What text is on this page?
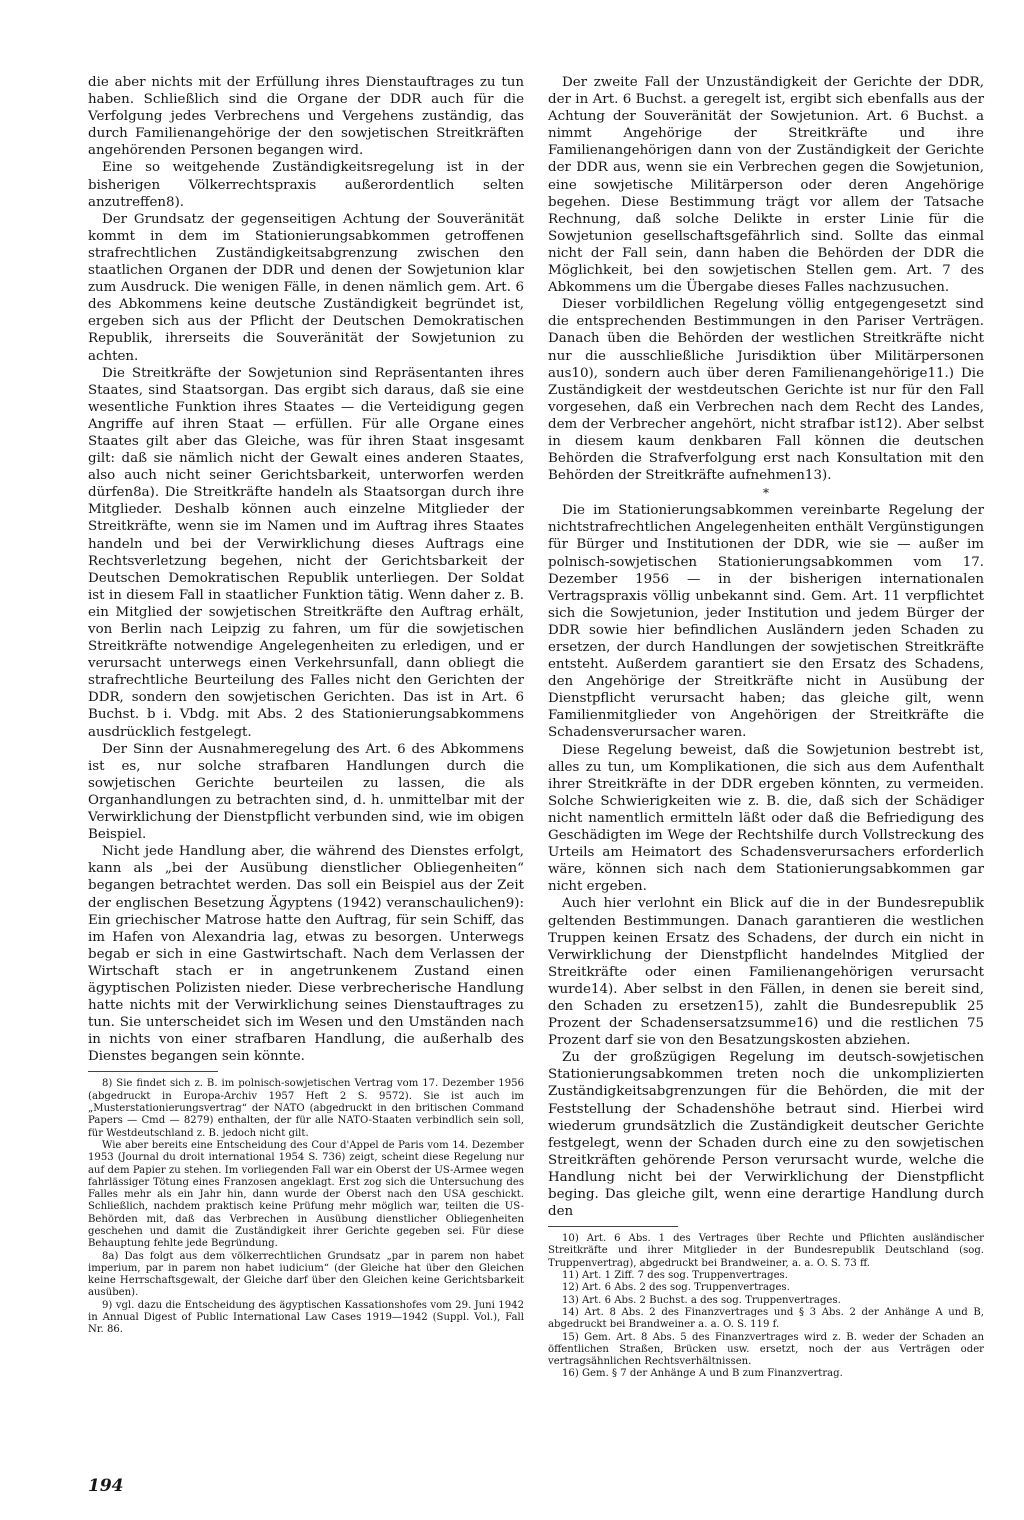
die aber nichts mit der Erfüllung ihres Dienstauftrages zu tun haben. Schließlich sind die Organe der DDR auch für die Verfolgung jedes Verbrechens und Vergehens zuständig, das durch Familienangehörige der den sowjetischen Streitkräften angehörenden Personen begangen wird.

Eine so weitgehende Zuständigkeitsregelung ist in der bisherigen Völkerrechtspraxis außerordentlich selten anzutreffen8).

Der Grundsatz der gegenseitigen Achtung der Souveränität kommt in dem im Stationierungsabkommen getroffenen strafrechtlichen Zuständigkeitsabgrenzung zwischen den staatlichen Organen der DDR und denen der Sowjetunion klar zum Ausdruck. Die wenigen Fälle, in denen nämlich gem. Art. 6 des Abkommens keine deutsche Zuständigkeit begründet ist, ergeben sich aus der Pflicht der Deutschen Demokratischen Republik, ihrerseits die Souveränität der Sowjetunion zu achten.

Die Streitkräfte der Sowjetunion sind Repräsentanten ihres Staates, sind Staatsorgan. Das ergibt sich daraus, daß sie eine wesentliche Funktion ihres Staates — die Verteidigung gegen Angriffe auf ihren Staat — erfüllen. Für alle Organe eines Staates gilt aber das Gleiche, was für ihren Staat insgesamt gilt: daß sie nämlich nicht der Gewalt eines anderen Staates, also auch nicht seiner Gerichtsbarkeit, unterworfen werden dürfen8a). Die Streitkräfte handeln als Staatsorgan durch ihre Mitglieder. Deshalb können auch einzelne Mitglieder der Streitkräfte, wenn sie im Namen und im Auftrag ihres Staates handeln und bei der Verwirklichung dieses Auftrags eine Rechtsverletzung begehen, nicht der Gerichtsbarkeit der Deutschen Demokratischen Republik unterliegen. Der Soldat ist in diesem Fall in staatlicher Funktion tätig. Wenn daher z. B. ein Mitglied der sowjetischen Streitkräfte den Auftrag erhält, von Berlin nach Leipzig zu fahren, um für die sowjetischen Streitkräfte notwendige Angelegenheiten zu erledigen, und er verursacht unterwegs einen Verkehrsunfall, dann obliegt die strafrechtliche Beurteilung des Falles nicht den Gerichten der DDR, sondern den sowjetischen Gerichten. Das ist in Art. 6 Buchst. b i. Vbdg. mit Abs. 2 des Stationierungsabkommens ausdrücklich festgelegt.

Der Sinn der Ausnahmeregelung des Art. 6 des Abkommens ist es, nur solche strafbaren Handlungen durch die sowjetischen Gerichte beurteilen zu lassen, die als Organhandlungen zu betrachten sind, d. h. unmittelbar mit der Verwirklichung der Dienstpflicht verbunden sind, wie im obigen Beispiel.

Nicht jede Handlung aber, die während des Dienstes erfolgt, kann als „bei der Ausübung dienstlicher Obliegenheiten“ begangen betrachtet werden. Das soll ein Beispiel aus der Zeit der englischen Besetzung Ägyptens (1942) veranschaulichen9): Ein griechischer Matrose hatte den Auftrag, für sein Schiff, das im Hafen von Alexandria lag, etwas zu besorgen. Unterwegs begab er sich in eine Gastwirtschaft. Nach dem Verlassen der Wirtschaft stach er in angetrunkenem Zustand einen ägyptischen Polizisten nieder. Diese verbrecherische Handlung hatte nichts mit der Verwirklichung seines Dienstauftrages zu tun. Sie unterscheidet sich im Wesen und den Umständen nach in nichts von einer strafbaren Handlung, die außerhalb des Dienstes begangen sein könnte.

8) Sie findet sich z. B. im polnisch-sowjetischen Vertrag vom 17. Dezember 1956 (abgedruckt in Europa-Archiv 1957 Heft 2 S. 9572). Sie ist auch im „Musterstationierungsvertrag“ der NATO (abgedruckt in den britischen Command Papers — Cmd — 8279) enthalten, der für alle NATO-Staaten verbindlich sein soll, für Westdeutschland z. B. jedoch nicht gilt.

Wie aber bereits eine Entscheidung des Cour d'Appel de Paris vom 14. Dezember 1953 (Journal du droit international 1954 S. 736) zeigt, scheint diese Regelung nur auf dem Papier zu stehen. Im vorliegenden Fall war ein Oberst der US-Armee wegen fahrlässiger Tötung eines Franzosen angeklagt. Erst zog sich die Untersuchung des Falles mehr als ein Jahr hin, dann wurde der Oberst nach den USA geschickt. Schließlich, nachdem praktisch keine Prüfung mehr möglich war, teilten die US-Behörden mit, daß das Verbrechen in Ausübung dienstlicher Obliegenheiten geschehen und damit die Zuständigkeit ihrer Gerichte gegeben sei. Für diese Behauptung fehlte jede Begründung.

8a) Das folgt aus dem völkerrechtlichen Grundsatz „par in parem non habet imperium, par in parem non habet iudicium“ (der Gleiche hat über den Gleichen keine Herrschaftsgewalt, der Gleiche darf über den Gleichen keine Gerichtsbarkeit ausüben).

9) vgl. dazu die Entscheidung des ägyptischen Kassationshofes vom 29. Juni 1942 in Annual Digest of Public International Law Cases 1919—1942 (Suppl. Vol.), Fall Nr. 86.

Der zweite Fall der Unzuständigkeit der Gerichte der DDR, der in Art. 6 Buchst. a geregelt ist, ergibt sich ebenfalls aus der Achtung der Souveränität der Sowjetunion. Art. 6 Buchst. a nimmt Angehörige der Streitkräfte und ihre Familienangehörigen dann von der Zuständigkeit der Gerichte der DDR aus, wenn sie ein Verbrechen gegen die Sowjetunion, eine sowjetische Militärperson oder deren Angehörige begehen. Diese Bestimmung trägt vor allem der Tatsache Rechnung, daß solche Delikte in erster Linie für die Sowjetunion gesellschaftsgefährlich sind. Sollte das einmal nicht der Fall sein, dann haben die Behörden der DDR die Möglichkeit, bei den sowjetischen Stellen gem. Art. 7 des Abkommens um die Übergabe dieses Falles nachzusuchen.

Dieser vorbildlichen Regelung völlig entgegengesetzt sind die entsprechenden Bestimmungen in den Pariser Verträgen. Danach üben die Behörden der westlichen Streitkräfte nicht nur die ausschließliche Jurisdiktion über Militärpersonen aus10), sondern auch über deren Familienangehörige11.) Die Zuständigkeit der westdeutschen Gerichte ist nur für den Fall vorgesehen, daß ein Verbrechen nach dem Recht des Landes, dem der Verbrecher angehört, nicht strafbar ist12). Aber selbst in diesem kaum denkbaren Fall können die deutschen Behörden die Strafverfolgung erst nach Konsultation mit den Behörden der Streitkräfte aufnehmen13).

*

Die im Stationierungsabkommen vereinbarte Regelung der nichtstrafrechtlichen Angelegenheiten enthält Vergünstigungen für Bürger und Institutionen der DDR, wie sie — außer im polnisch-sowjetischen Stationierungsabkommen vom 17. Dezember 1956 — in der bisherigen internationalen Vertragspraxis völlig unbekannt sind. Gem. Art. 11 verpflichtet sich die Sowjetunion, jeder Institution und jedem Bürger der DDR sowie hier befindlichen Ausländern jeden Schaden zu ersetzen, der durch Handlungen der sowjetischen Streitkräfte entsteht. Außerdem garantiert sie den Ersatz des Schadens, den Angehörige der Streitkräfte nicht in Ausübung der Dienstpflicht verursacht haben; das gleiche gilt, wenn Familienmitglieder von Angehörigen der Streitkräfte die Schadensverursacher waren.

Diese Regelung beweist, daß die Sowjetunion bestrebt ist, alles zu tun, um Komplikationen, die sich aus dem Aufenthalt ihrer Streitkräfte in der DDR ergeben könnten, zu vermeiden. Solche Schwierigkeiten wie z. B. die, daß sich der Schädiger nicht namentlich ermitteln läßt oder daß die Befriedigung des Geschädigten im Wege der Rechtshilfe durch Vollstreckung des Urteils am Heimatort des Schadensverursachers erforderlich wäre, können sich nach dem Stationierungsabkommen gar nicht ergeben.

Auch hier verlohnt ein Blick auf die in der Bundesrepublik geltenden Bestimmungen. Danach garantieren die westlichen Truppen keinen Ersatz des Schadens, der durch ein nicht in Verwirklichung der Dienstpflicht handelndes Mitglied der Streitkräfte oder einen Familienangehörigen verursacht wurde14). Aber selbst in den Fällen, in denen sie bereit sind, den Schaden zu ersetzen15), zahlt die Bundesrepublik 25 Prozent der Schadensersatzsumme16) und die restlichen 75 Prozent darf sie von den Besatzungskosten abziehen.

Zu der großzügigen Regelung im deutsch-sowjetischen Stationierungsabkommen treten noch die unkomplizierten Zuständigkeitsabgrenzungen für die Behörden, die mit der Feststellung der Schadenshöhe betraut sind. Hierbei wird wiederum grundsätzlich die Zuständigkeit deutscher Gerichte festgelegt, wenn der Schaden durch eine zu den sowjetischen Streitkräften gehörende Person verursacht wurde, welche die Handlung nicht bei der Verwirklichung der Dienstpflicht beging. Das gleiche gilt, wenn eine derartige Handlung durch den

10) Art. 6 Abs. 1 des Vertrages über Rechte und Pflichten ausländischer Streitkräfte und ihrer Mitglieder in der Bundesrepublik Deutschland (sog. Truppenvertrag), abgedruckt bei Brandweiner, a. a. O. S. 73 ff.

11) Art. 1 Ziff. 7 des sog. Truppenvertrages.

12) Art. 6 Abs. 2 des sog. Truppenvertrages.

13) Art. 6 Abs. 2 Buchst. a des sog. Truppenvertrages.

14) Art. 8 Abs. 2 des Finanzvertrages und § 3 Abs. 2 der Anhänge A und B, abgedruckt bei Brandweiner a. a. O. S. 119 f.

15) Gem. Art. 8 Abs. 5 des Finanzvertrages wird z. B. weder der Schaden an öffentlichen Straßen, Brücken usw. ersetzt, noch der aus Verträgen oder vertragsähnlichen Rechtsverhältnissen.

16) Gem. § 7 der Anhänge A und B zum Finanzvertrag.

194
